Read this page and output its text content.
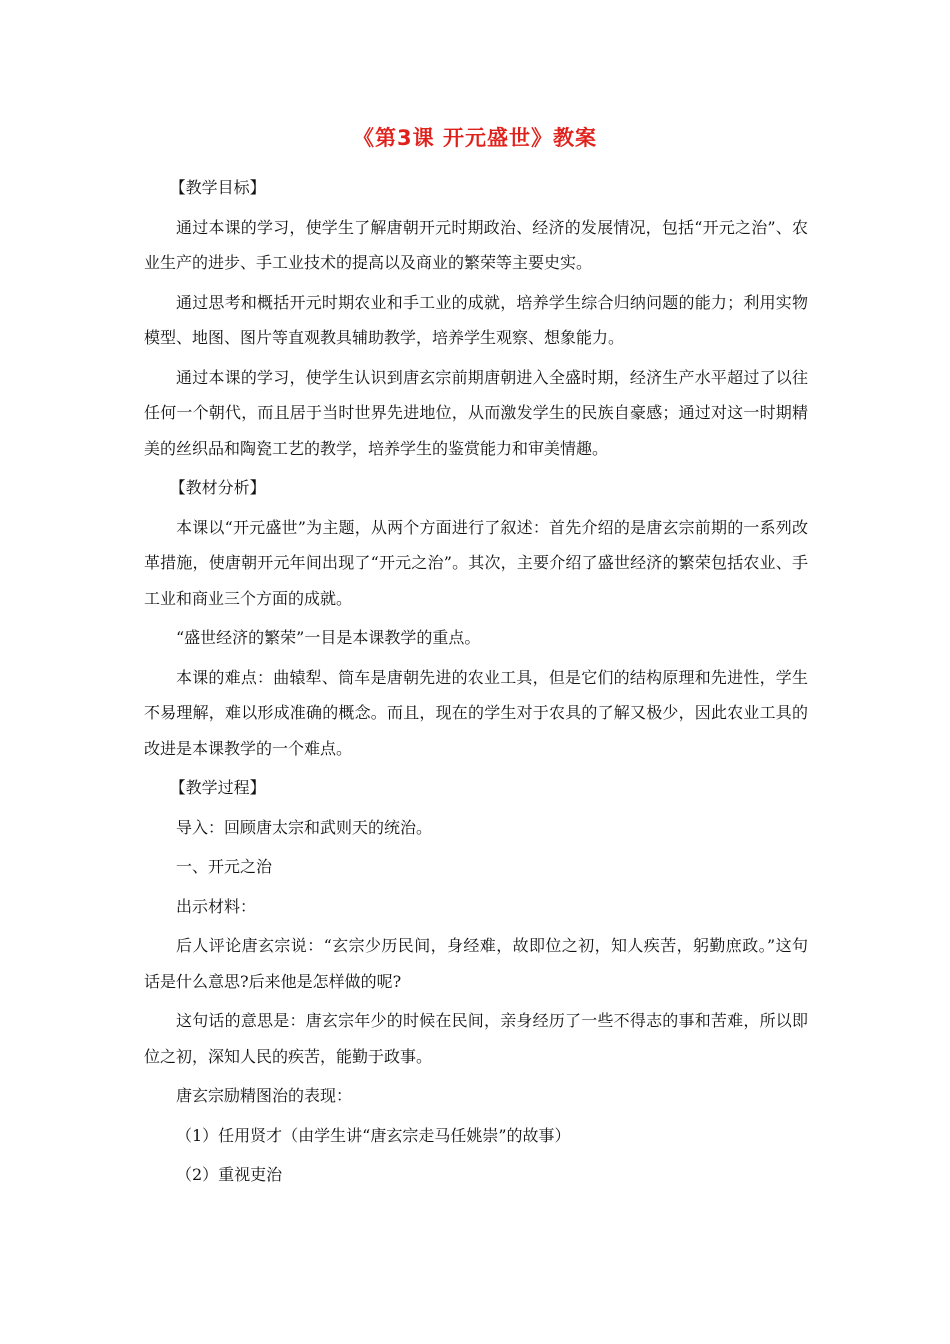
《第3课 开元盛世》教案

【教学目标】

通过本课的学习，使学生了解唐朝开元时期政治、经济的发展情况，包括“开元之治”、农业生产的进步、手工业技术的提高以及商业的繁荣等主要史实。

通过思考和概括开元时期农业和手工业的成就，培养学生综合归纳问题的能力；利用实物模型、地图、图片等直观教具辅助教学，培养学生观察、想象能力。

通过本课的学习，使学生认识到唐玄宗前期唐朝进入全盛时期，经济生产水平超过了以往任何一个朝代，而且居于当时世界先进地位，从而激发学生的民族自豪感；通过对这一时期精美的丝织品和陶瓷工艺的教学，培养学生的鉴赏能力和审美情趣。

【教材分析】

本课以“开元盛世”为主题，从两个方面进行了叙述：首先介绍的是唐玄宗前期的一系列改革措施，使唐朝开元年间出现了“开元之治”。其次，主要介绍了盛世经济的繁荣包括农业、手工业和商业三个方面的成就。

“盛世经济的繁荣”一目是本课教学的重点。

本课的难点：曲辕犁、筒车是唐朝先进的农业工具，但是它们的结构原理和先进性，学生不易理解，难以形成准确的概念。而且，现在的学生对于农具的了解又极少，因此农业工具的改进是本课教学的一个难点。

【教学过程】

导入：回顾唐太宗和武则天的统治。

一、开元之治

出示材料：

后人评论唐玄宗说：“玄宗少历民间，身经难，故即位之初，知人疾苦，躬勤庶政。”这句话是什么意思?后来他是怎样做的呢?

这句话的意思是：唐玄宗年少的时候在民间，亲身经历了一些不得志的事和苦难，所以即位之初，深知人民的疾苦，能勤于政事。

唐玄宗励精图治的表现：

（1）任用贤才（由学生讲“唐玄宗走马任姚崇”的故事）

（2）重视吏治
